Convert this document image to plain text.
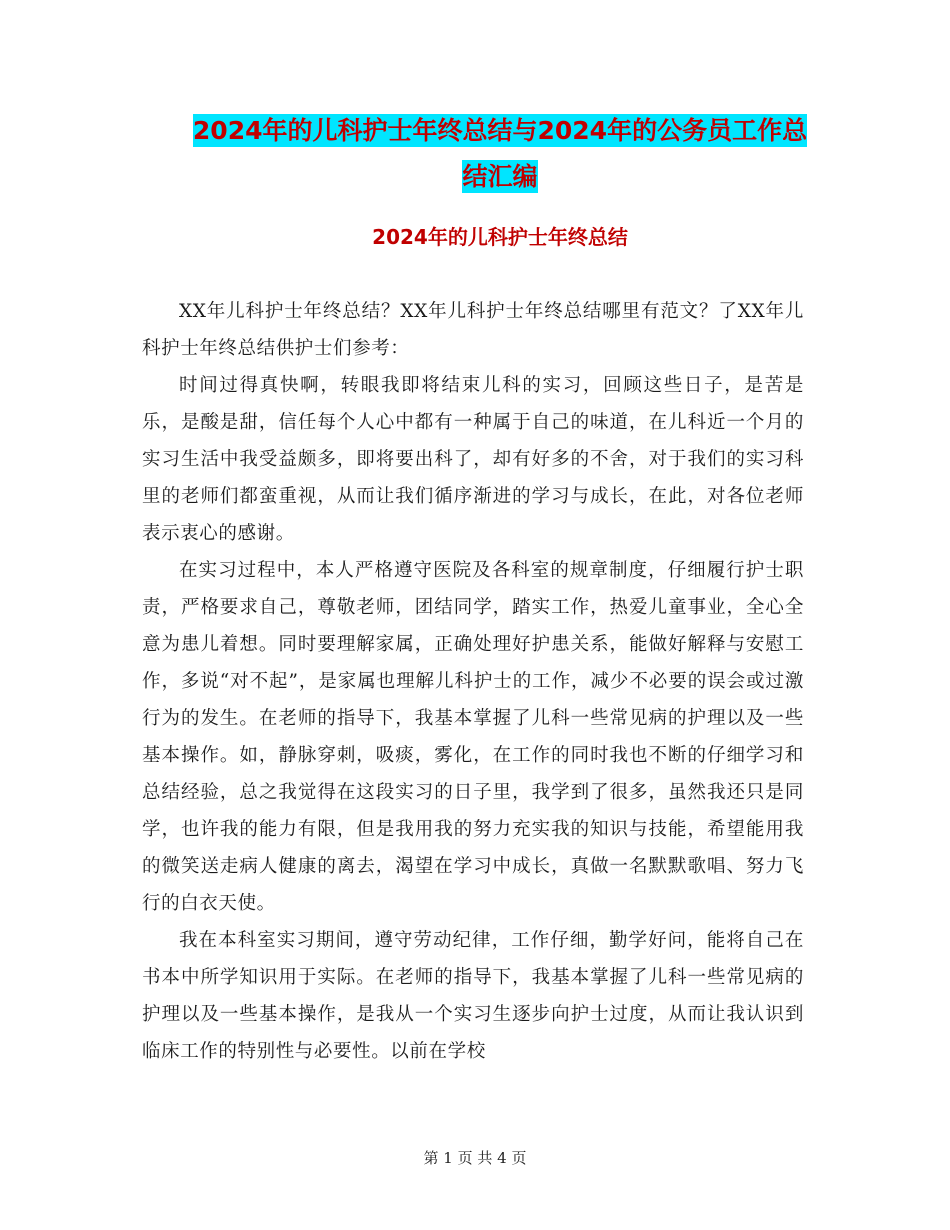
2024年的儿科护士年终总结与2024年的公务员工作总
结汇编
2024年的儿科护士年终总结

XX年儿科护士年终总结？XX年儿科护士年终总结哪里有范文？了XX年儿科护士年终总结供护士们参考：

时间过得真快啊，转眼我即将结束儿科的实习，回顾这些日子，是苦是乐，是酸是甜，信任每个人心中都有一种属于自己的味道，在儿科近一个月的实习生活中我受益颇多，即将要出科了，却有好多的不舍，对于我们的实习科里的老师们都蛮重视，从而让我们循序渐进的学习与成长，在此，对各位老师表示衷心的感谢。

在实习过程中，本人严格遵守医院及各科室的规章制度，仔细履行护士职责，严格要求自己，尊敬老师，团结同学，踏实工作，热爱儿童事业，全心全意为患儿着想。同时要理解家属，正确处理好护患关系，能做好解释与安慰工作，多说“对不起”，是家属也理解儿科护士的工作，减少不必要的误会或过激行为的发生。在老师的指导下，我基本掌握了儿科一些常见病的护理以及一些基本操作。如，静脉穿刺，吸痰，雾化，在工作的同时我也不断的仔细学习和总结经验，总之我觉得在这段实习的日子里，我学到了很多，虽然我还只是同学，也许我的能力有限，但是我用我的努力充实我的知识与技能，希望能用我的微笑送走病人健康的离去，渴望在学习中成长，真做一名默默歌唱、努力飞行的白衣天使。

我在本科室实习期间，遵守劳动纪律，工作仔细，勤学好问，能将自己在书本中所学知识用于实际。在老师的指导下，我基本掌握了儿科一些常见病的护理以及一些基本操作，是我从一个实习生逐步向护士过度，从而让我认识到临床工作的特别性与必要性。以前在学校

第 1 页 共 4 页
